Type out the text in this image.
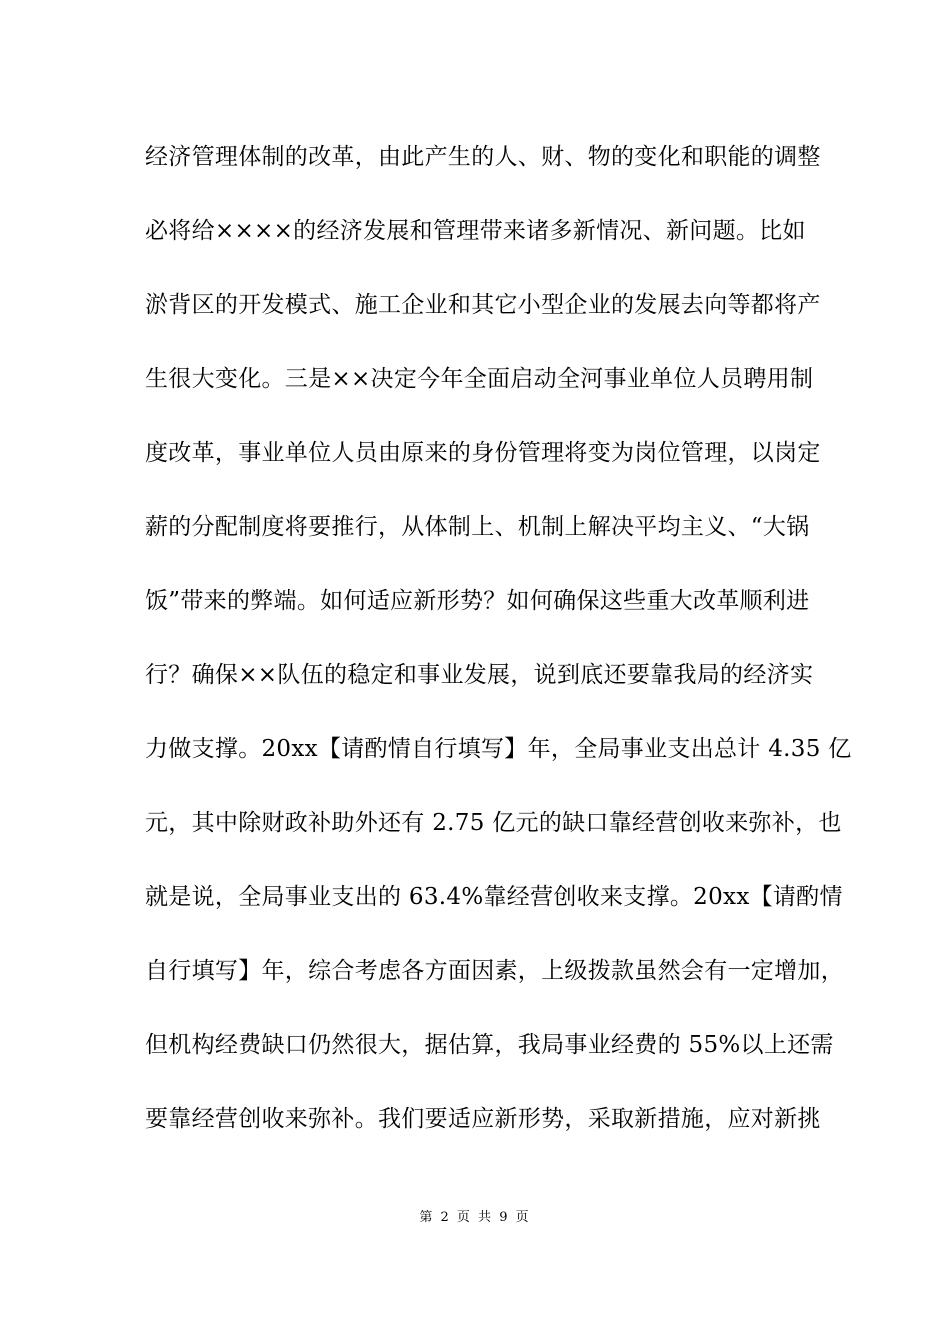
经济管理体制的改革，由此产生的人、财、物的变化和职能的调整
必将给××××的经济发展和管理带来诸多新情况、新问题。比如
淤背区的开发模式、施工企业和其它小型企业的发展去向等都将产
生很大变化。三是××决定今年全面启动全河事业单位人员聘用制
度改革，事业单位人员由原来的身份管理将变为岗位管理，以岗定
薪的分配制度将要推行，从体制上、机制上解决平均主义、“大锅
饭”带来的弊端。如何适应新形势？如何确保这些重大改革顺利进
行？确保××队伍的稳定和事业发展，说到底还要靠我局的经济实
力做支撑。20xx【请酌情自行填写】年，全局事业支出总计 4.35 亿
元，其中除财政补助外还有 2.75 亿元的缺口靠经营创收来弥补，也
就是说，全局事业支出的 63.4%靠经营创收来支撑。20xx【请酌情
自行填写】年，综合考虑各方面因素，上级拨款虽然会有一定增加，
但机构经费缺口仍然很大，据估算，我局事业经费的 55%以上还需
要靠经营创收来弥补。我们要适应新形势，采取新措施，应对新挑
第 2 页 共 9 页
